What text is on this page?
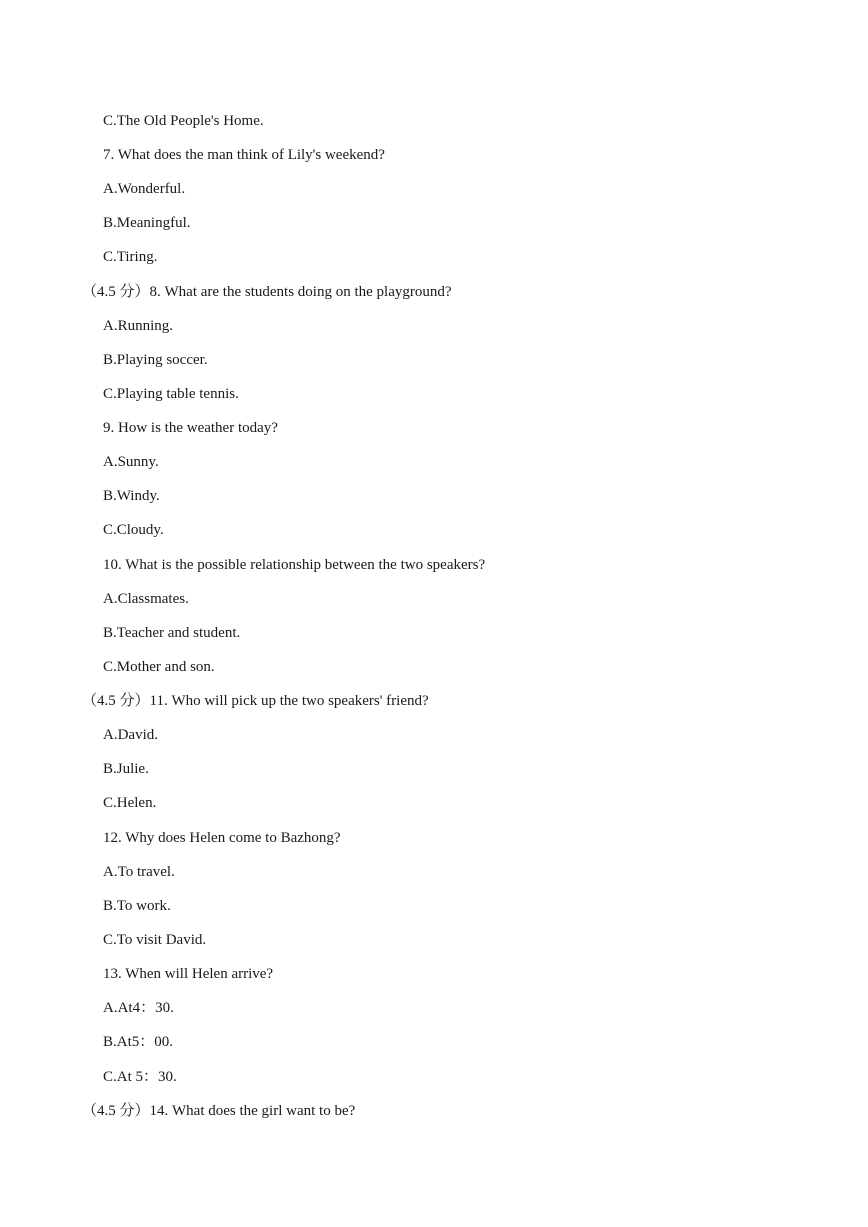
C.The Old People's Home.
7. What does the man think of Lily's weekend?
A.Wonderful.
B.Meaningful.
C.Tiring.
（4.5 分）8. What are the students doing on the playground?
A.Running.
B.Playing soccer.
C.Playing table tennis.
9. How is the weather today?
A.Sunny.
B.Windy.
C.Cloudy.
10. What is the possible relationship between the two speakers?
A.Classmates.
B.Teacher and student.
C.Mother and son.
（4.5 分）11. Who will pick up the two speakers' friend?
A.David.
B.Julie.
C.Helen.
12. Why does Helen come to Bazhong?
A.To travel.
B.To work.
C.To visit David.
13. When will Helen arrive?
A.At4：30.
B.At5：00.
C.At 5：30.
（4.5 分）14. What does the girl want to be?
